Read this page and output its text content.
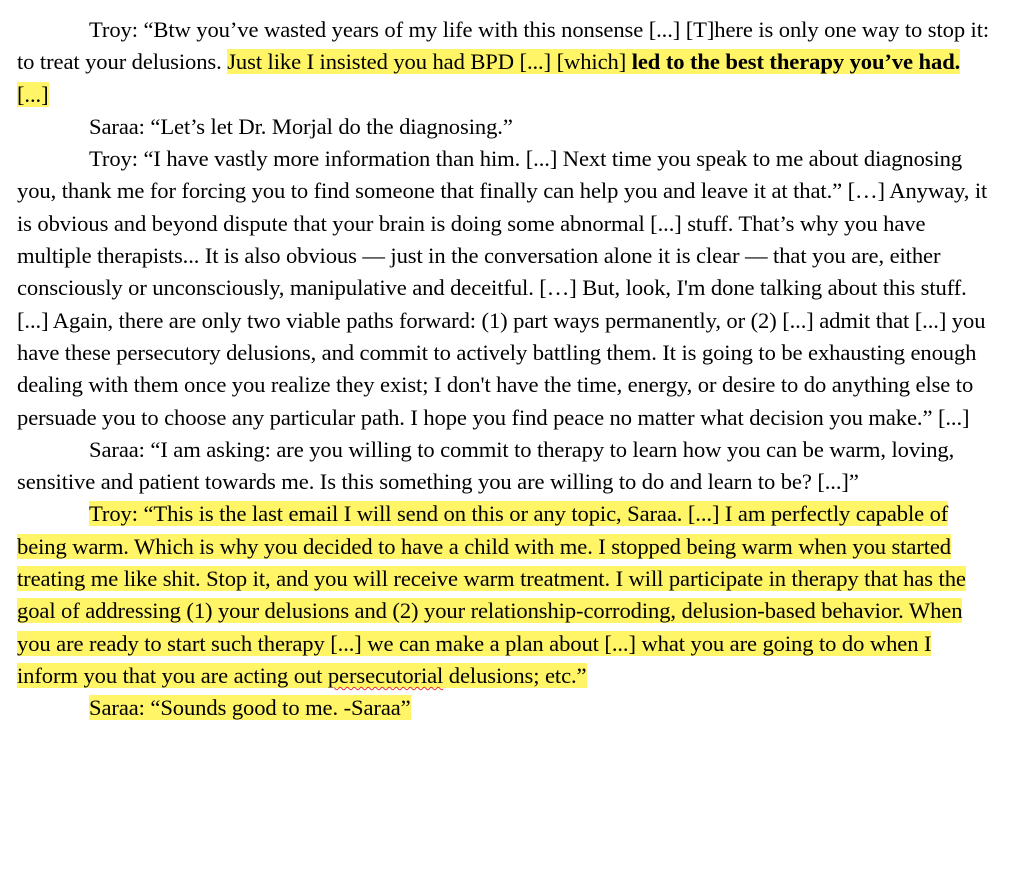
Troy: “Btw you’ve wasted years of my life with this nonsense [...] [T]here is only one way to stop it: to treat your delusions. Just like I insisted you had BPD [...] [which] led to the best therapy you’ve had. [...]

Saraa: “Let’s let Dr. Morjal do the diagnosing.”

Troy: “I have vastly more information than him. [...] Next time you speak to me about diagnosing you, thank me for forcing you to find someone that finally can help you and leave it at that.” […] Anyway, it is obvious and beyond dispute that your brain is doing some abnormal [...] stuff. That’s why you have multiple therapists... It is also obvious — just in the conversation alone it is clear — that you are, either consciously or unconsciously, manipulative and deceitful. […] But, look, I'm done talking about this stuff. [...] Again, there are only two viable paths forward: (1) part ways permanently, or (2) [...] admit that [...] you have these persecutory delusions, and commit to actively battling them. It is going to be exhausting enough dealing with them once you realize they exist; I don't have the time, energy, or desire to do anything else to persuade you to choose any particular path. I hope you find peace no matter what decision you make.” [...]

Saraa: “I am asking: are you willing to commit to therapy to learn how you can be warm, loving, sensitive and patient towards me. Is this something you are willing to do and learn to be? [...]”

Troy: “This is the last email I will send on this or any topic, Saraa. [...] I am perfectly capable of being warm. Which is why you decided to have a child with me. I stopped being warm when you started treating me like shit. Stop it, and you will receive warm treatment. I will participate in therapy that has the goal of addressing (1) your delusions and (2) your relationship-corroding, delusion-based behavior. When you are ready to start such therapy [...] we can make a plan about [...] what you are going to do when I inform you that you are acting out persecutorial delusions; etc.”

Saraa: “Sounds good to me. -Saraa”
